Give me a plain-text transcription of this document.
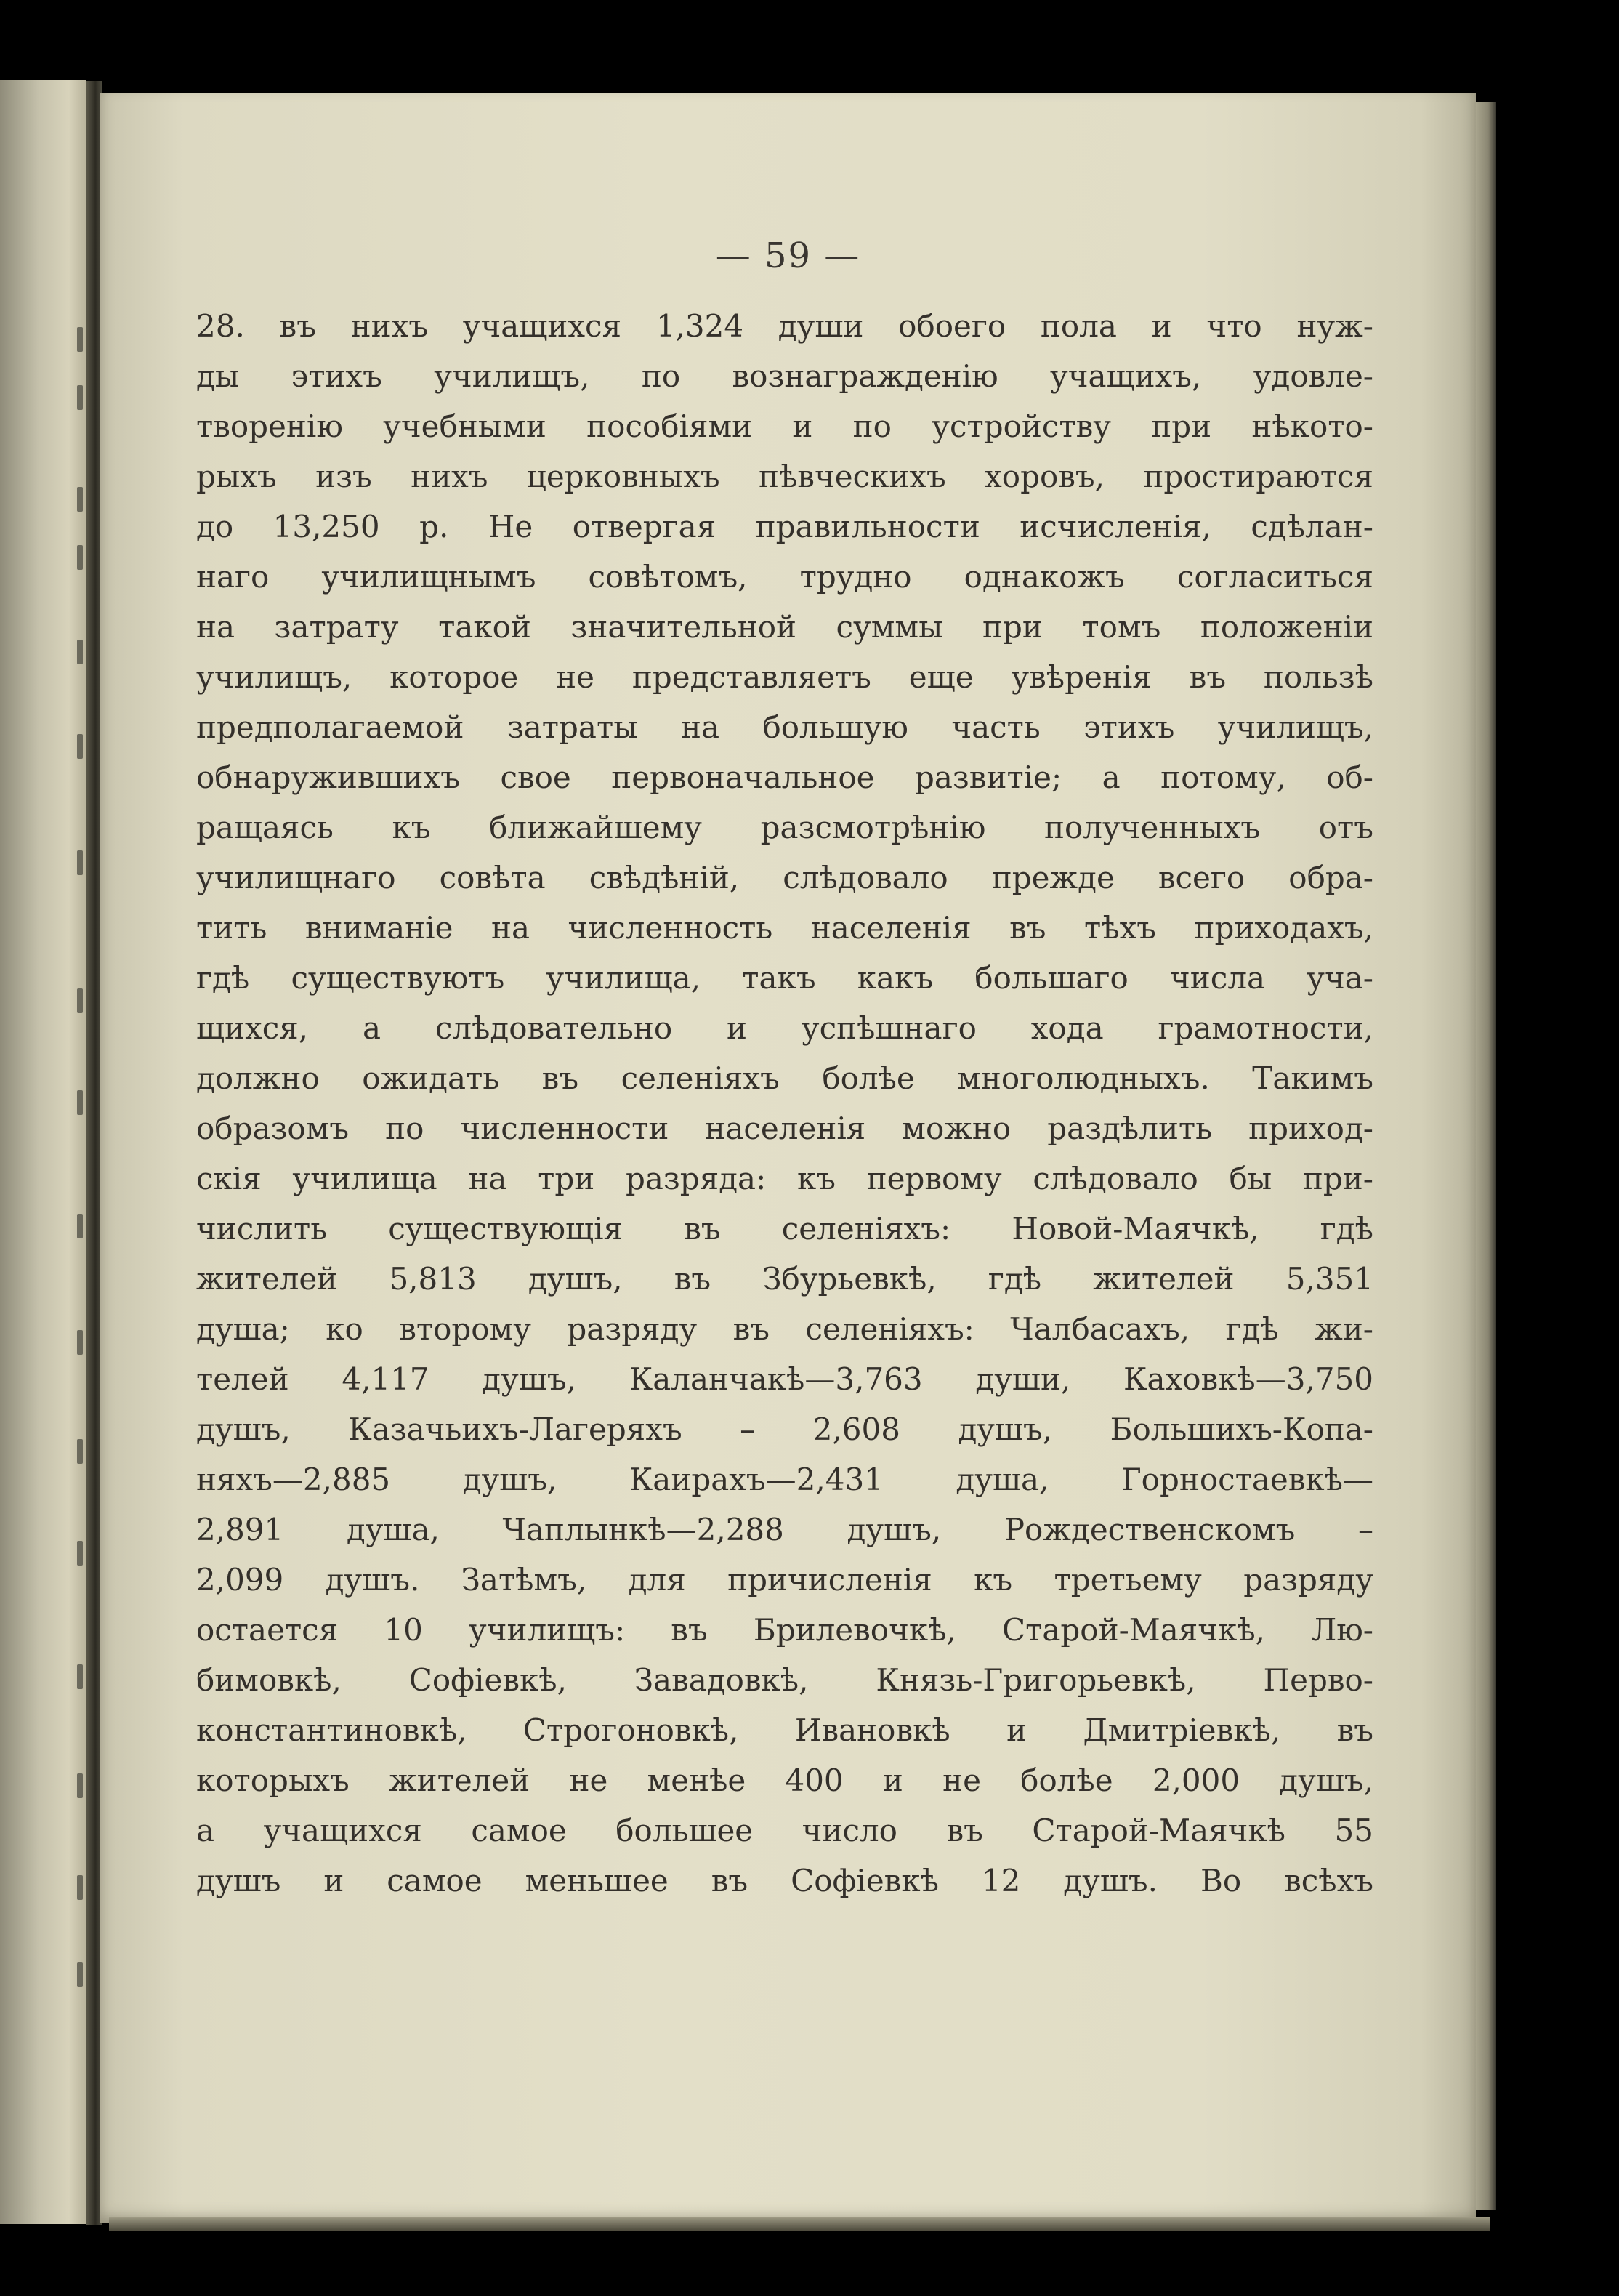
— 59 —
28. въ нихъ учащихся 1,324 души обоего пола и что нуж-
ды этихъ училищъ, по вознагражденію учащихъ, удовле-
творенію учебными пособіями и по устройству при нѣкото-
рыхъ изъ нихъ церковныхъ пѣвческихъ хоровъ, простираются
до 13,250 р. Не отвергая правильности исчисленія, сдѣлан-
наго училищнымъ совѣтомъ, трудно однакожъ согласиться
на затрату такой значительной суммы при томъ положеніи
училищъ, которое не представляетъ еще увѣренія въ пользѣ
предполагаемой затраты на большую часть этихъ училищъ,
обнаружившихъ свое первоначальное развитіе; а потому, об-
ращаясь къ ближайшему разсмотрѣнію полученныхъ отъ
училищнаго совѣта свѣдѣній, слѣдовало прежде всего обра-
тить вниманіе на численность населенія въ тѣхъ приходахъ,
гдѣ существуютъ училища, такъ какъ большаго числа уча-
щихся, а слѣдовательно и успѣшнаго хода грамотности,
должно ожидать въ селеніяхъ болѣе многолюдныхъ. Такимъ
образомъ по численности населенія можно раздѣлить приход-
скія училища на три разряда: къ первому слѣдовало бы при-
числить существующія въ селеніяхъ: Новой-Маячкѣ, гдѣ
жителей 5,813 душъ, въ Збурьевкѣ, гдѣ жителей 5,351
душа; ко второму разряду въ селеніяхъ: Чалбасахъ, гдѣ жи-
телей 4,117 душъ, Каланчакѣ—3,763 души, Каховкѣ—3,750
душъ, Казачьихъ-Лагеряхъ – 2,608 душъ, Большихъ-Копа-
няхъ—2,885 душъ, Каирахъ—2,431 душа, Горностаевкѣ—
2,891 душа, Чаплынкѣ—2,288 душъ, Рождественскомъ –
2,099 душъ. Затѣмъ, для причисленія къ третьему разряду
остается 10 училищъ: въ Брилевочкѣ, Старой-Маячкѣ, Лю-
бимовкѣ, Софіевкѣ, Завадовкѣ, Князь-Григорьевкѣ, Перво-
константиновкѣ, Строгоновкѣ, Ивановкѣ и Дмитріевкѣ, въ
которыхъ жителей не менѣе 400 и не болѣе 2,000 душъ,
а учащихся самое большее число въ Старой-Маячкѣ 55
душъ и самое меньшее въ Софіевкѣ 12 душъ. Во всѣхъ
